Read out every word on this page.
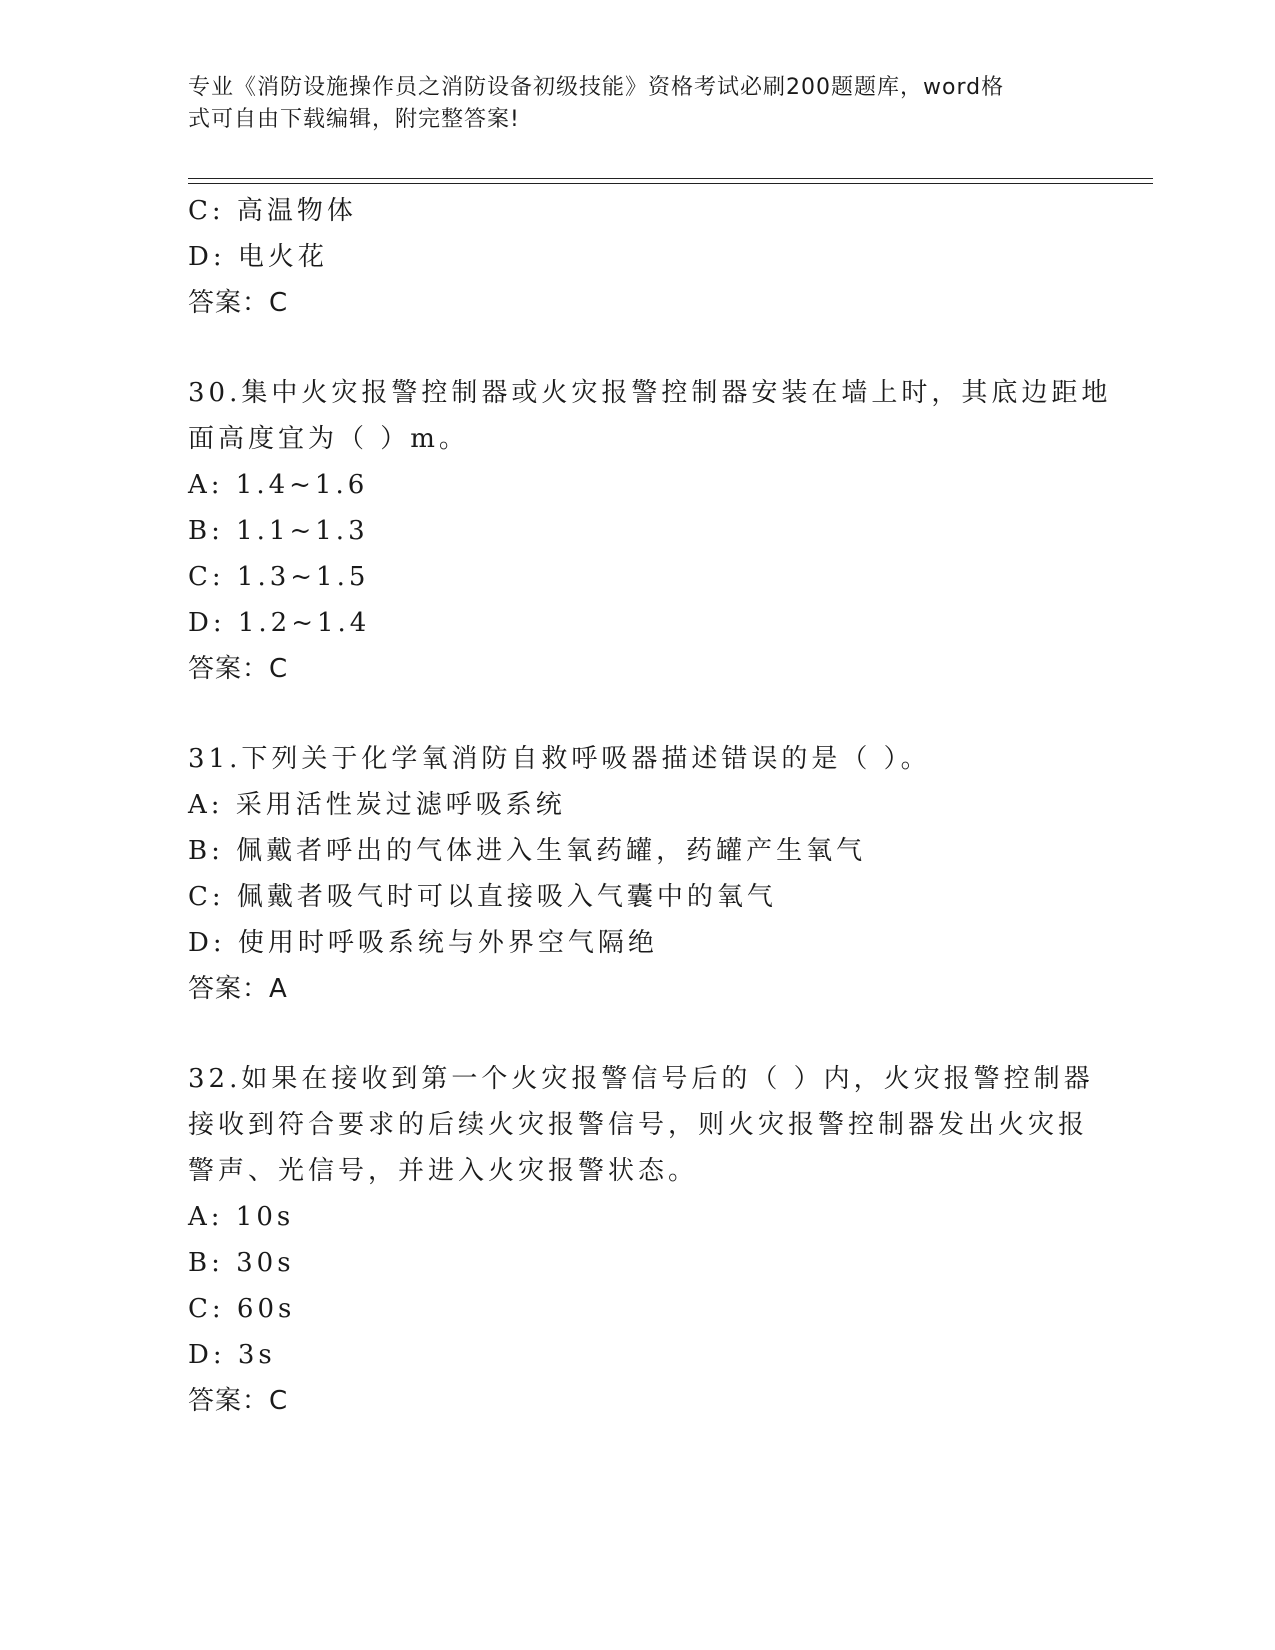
专业《消防设施操作员之消防设备初级技能》资格考试必刷200题题库，word格
式可自由下载编辑，附完整答案!
C: 高温物体
D: 电火花
答案：C
30.集中火灾报警控制器或火灾报警控制器安装在墙上时，其底边距地
面高度宜为（ ）m。
A: 1.4~1.6
B: 1.1~1.3
C: 1.3~1.5
D: 1.2~1.4
答案：C
31.下列关于化学氧消防自救呼吸器描述错误的是（ ）。
A: 采用活性炭过滤呼吸系统
B: 佩戴者呼出的气体进入生氧药罐，药罐产生氧气
C: 佩戴者吸气时可以直接吸入气囊中的氧气
D: 使用时呼吸系统与外界空气隔绝
答案：A
32.如果在接收到第一个火灾报警信号后的（ ）内，火灾报警控制器
接收到符合要求的后续火灾报警信号，则火灾报警控制器发出火灾报
警声、光信号，并进入火灾报警状态。
A: 10s
B: 30s
C: 60s
D: 3s
答案：C
